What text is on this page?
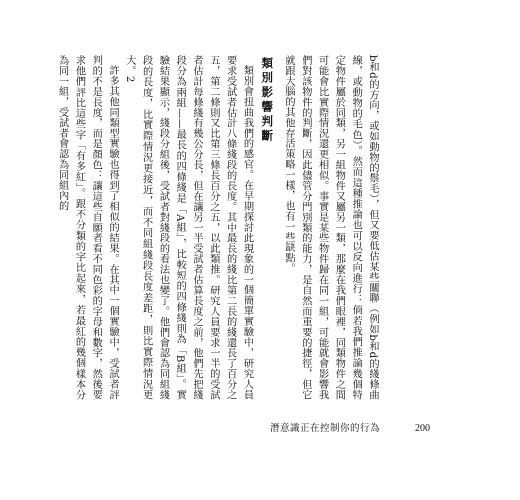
b和d的方向，或如動物的鬃毛），但又要低估某些關聯（例如b和d的綫條曲線，或動物的毛色）。然而這種推論也可以反向進行：倘若我們推論幾個特定物件屬於同類，另一組物件又屬另一類，那麼在我們眼裡，同類物件之間可能會比實際情況還更相似。事實是某些物件歸在同一組，可能就會影響我們對該物件的判斷，因此儘管分門別類的能力，是自然而重要的捷徑，但它就跟大腦的其他存活策略一樣，也有一些缺點。

類別影響判斷

類別會扭曲我們的感官。在早期探討此現象的一個簡單實驗中，研究人員要求受試者估計八條綫段的長度。其中最長的綫比第二長的綫還長了百分之五，第二條則又比第三條長百分之五，以此類推。研究人員要求一半的受試者估計每條綫有幾公分長，但在讓另一半受試者估算長度之前，他們先把綫段分為兩組——最長的四條綫是「A組」，比較短的四條綫則為「B組」。實驗結果顯示，綫段分組後，受試者對綫段的看法也變了。他們會認為同組綫段的長度，比實際情況更接近，而不同組綫段長度差距，則比實際情況更大。2

許多其他同類型實驗也得到了相似的結果。在其中一個實驗中，受試者評判的不是長度，而是顏色：讓這些自願者看不同色彩的字母和數字，然後要求他們評比這些字「有多紅」。跟不分類的字比起來，若最紅的幾個樣本分為同一組，受試者會認為同組內的

潛意識正在控制你的行為	200
